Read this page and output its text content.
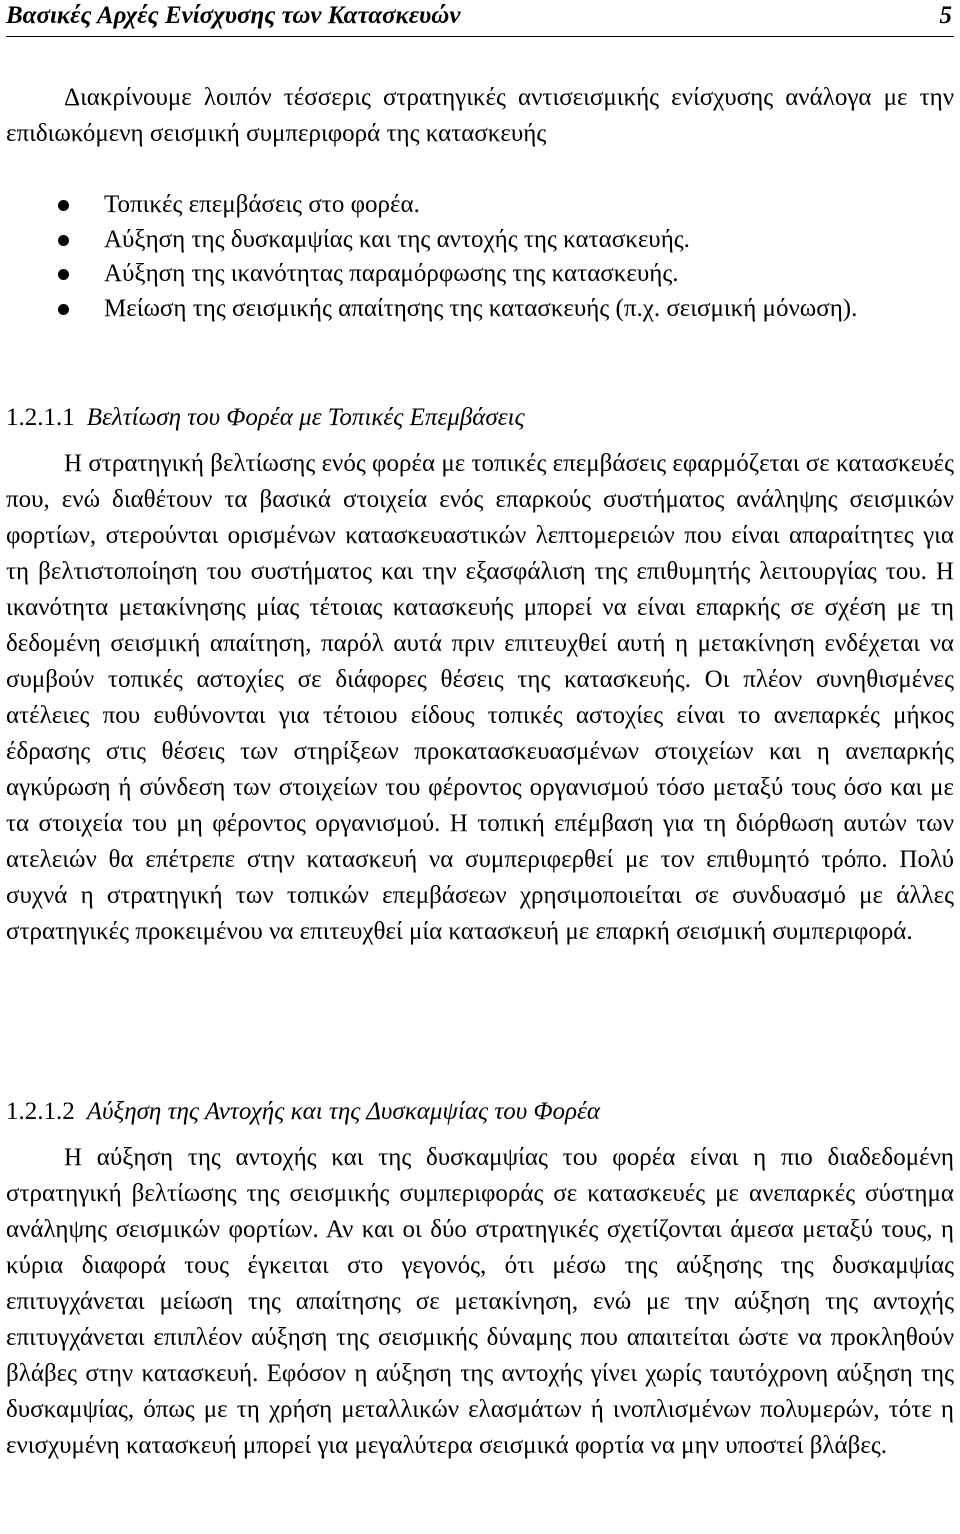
Βασικές Αρχές Ενίσχυσης των Κατασκευών	5

Διακρίνουμε λοιπόν τέσσερις στρατηγικές αντισεισμικής ενίσχυσης ανάλογα με την επιδιωκόμενη σεισμική συμπεριφορά της κατασκευής

Τοπικές επεμβάσεις στο φορέα.
Αύξηση της δυσκαμψίας και της αντοχής της κατασκευής.
Αύξηση της ικανότητας παραμόρφωσης της κατασκευής.
Μείωση της σεισμικής απαίτησης της κατασκευής (π.χ. σεισμική μόνωση).
1.2.1.1 Βελτίωση του Φορέα με Τοπικές Επεμβάσεις

Η στρατηγική βελτίωσης ενός φορέα με τοπικές επεμβάσεις εφαρμόζεται σε κατασκευές που, ενώ διαθέτουν τα βασικά στοιχεία ενός επαρκούς συστήματος ανάληψης σεισμικών φορτίων, στερούνται ορισμένων κατασκευαστικών λεπτομερειών που είναι απαραίτητες για τη βελτιστοποίηση του συστήματος και την εξασφάλιση της επιθυμητής λειτουργίας του. Η ικανότητα μετακίνησης μίας τέτοιας κατασκευής μπορεί να είναι επαρκής σε σχέση με τη δεδομένη σεισμική απαίτηση, παρόλ αυτά πριν επιτευχθεί αυτή η μετακίνηση ενδέχεται να συμβούν τοπικές αστοχίες σε διάφορες θέσεις της κατασκευής. Οι πλέον συνηθισμένες ατέλειες που ευθύνονται για τέτοιου είδους τοπικές αστοχίες είναι το ανεπαρκές μήκος έδρασης στις θέσεις των στηρίξεων προκατασκευασμένων στοιχείων και η ανεπαρκής αγκύρωση ή σύνδεση των στοιχείων του φέροντος οργανισμού τόσο μεταξύ τους όσο και με τα στοιχεία του μη φέροντος οργανισμού. Η τοπική επέμβαση για τη διόρθωση αυτών των ατελειών θα επέτρεπε στην κατασκευή να συμπεριφερθεί με τον επιθυμητό τρόπο. Πολύ συχνά η στρατηγική των τοπικών επεμβάσεων χρησιμοποιείται σε συνδυασμό με άλλες στρατηγικές προκειμένου να επιτευχθεί μία κατασκευή με επαρκή σεισμική συμπεριφορά.

1.2.1.2 Αύξηση της Αντοχής και της Δυσκαμψίας του Φορέα

Η αύξηση της αντοχής και της δυσκαμψίας του φορέα είναι η πιο διαδεδομένη στρατηγική βελτίωσης της σεισμικής συμπεριφοράς σε κατασκευές με ανεπαρκές σύστημα ανάληψης σεισμικών φορτίων. Αν και οι δύο στρατηγικές σχετίζονται άμεσα μεταξύ τους, η κύρια διαφορά τους έγκειται στο γεγονός, ότι μέσω της αύξησης της δυσκαμψίας επιτυγχάνεται μείωση της απαίτησης σε μετακίνηση, ενώ με την αύξηση της αντοχής επιτυγχάνεται επιπλέον αύξηση της σεισμικής δύναμης που απαιτείται ώστε να προκληθούν βλάβες στην κατασκευή. Εφόσον η αύξηση της αντοχής γίνει χωρίς ταυτόχρονη αύξηση της δυσκαμψίας, όπως με τη χρήση μεταλλικών ελασμάτων ή ινοπλισμένων πολυμερών, τότε η ενισχυμένη κατασκευή μπορεί για μεγαλύτερα σεισμικά φορτία να μην υποστεί βλάβες.
